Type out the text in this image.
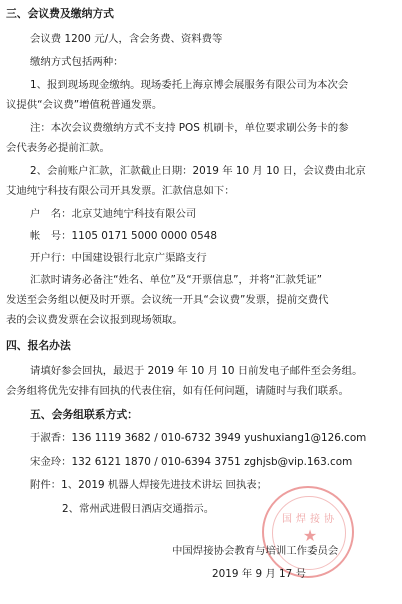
三、会议费及缴纳方式
会议费 1200 元/人，含会务费、资料费等
缴纳方式包括两种：
1、报到现场现金缴纳。现场委托上海京博会展服务有限公司为本次会
议提供“会议费”增值税普通发票。
注：本次会议费缴纳方式不支持 POS 机刷卡，单位要求刷公务卡的参
会代表务必提前汇款。
2、会前账户汇款，汇款截止日期：2019 年 10 月 10 日，会议费由北京
艾迪纯宁科技有限公司开具发票。汇款信息如下：
户　名：北京艾迪纯宁科技有限公司
帐　号：1105 0171 5000 0000 0548
开户行：中国建设银行北京广渠路支行
汇款时请务必备注“姓名、单位”及“开票信息”，并将“汇款凭证”
发送至会务组以便及时开票。会议统一开具“会议费”发票，提前交费代
表的会议费发票在会议报到现场领取。
四、报名办法
请填好参会回执，最迟于 2019 年 10 月 10 日前发电子邮件至会务组。
会务组将优先安排有回执的代表住宿，如有任何问题，请随时与我们联系。
五、会务组联系方式：
于淑香：136 1119 3682 / 010-6732 3949 yushuxiang1@126.com
宋金玲：132 6121 1870 / 010-6394 3751 zghjsb@vip.163.com
附件：1、2019 机器人焊接先进技术讲坛 回执表；
2、常州武进假日酒店交通指示。
国焊接协
★
中国焊接协会教育与培训工作委员会
2019 年 9 月 17 号
